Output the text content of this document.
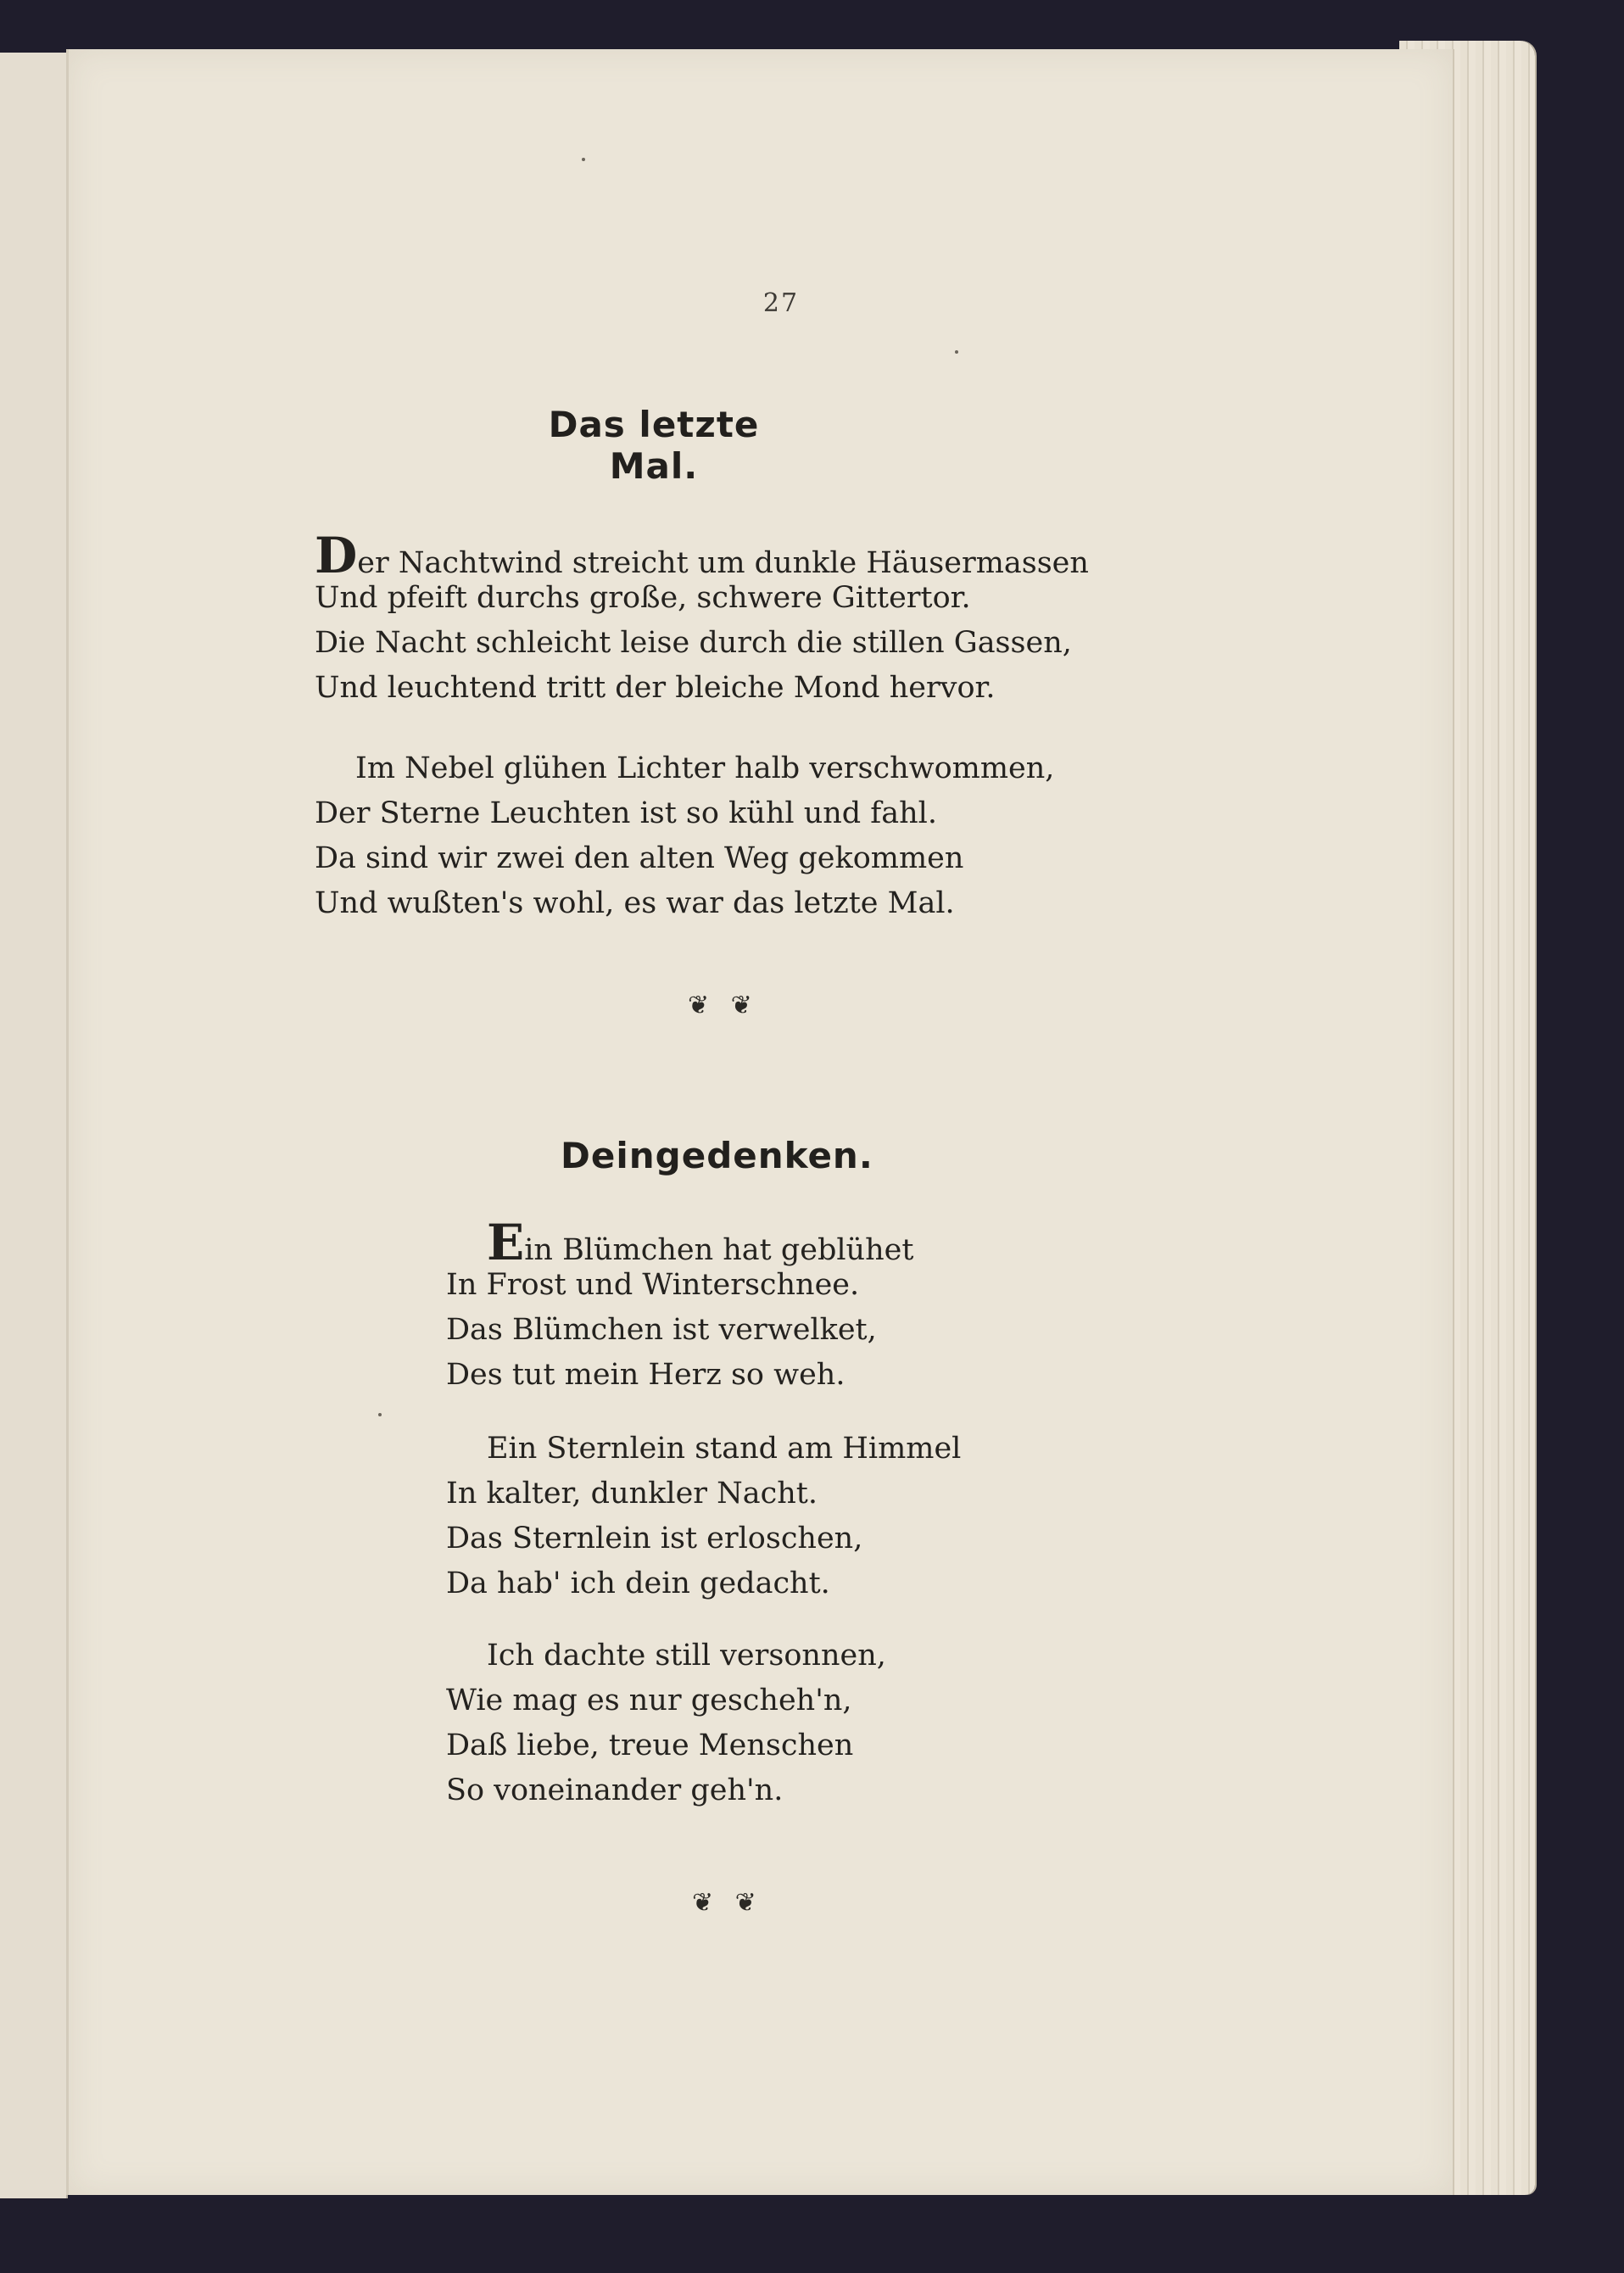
27
Das letzte Mal.
Der Nachtwind streicht um dunkle Häusermassen
Und pfeift durchs große, schwere Gittertor.
Die Nacht schleicht leise durch die stillen Gassen,
Und leuchtend tritt der bleiche Mond hervor.
Im Nebel glühen Lichter halb verschwommen,
Der Sterne Leuchten ist so kühl und fahl.
Da sind wir zwei den alten Weg gekommen
Und wußten's wohl, es war das letzte Mal.
❦ ❦
Deingedenken.
Ein Blümchen hat geblühet
In Frost und Winterschnee.
Das Blümchen ist verwelket,
Des tut mein Herz so weh.
Ein Sternlein stand am Himmel
In kalter, dunkler Nacht.
Das Sternlein ist erloschen,
Da hab' ich dein gedacht.
Ich dachte still versonnen,
Wie mag es nur gescheh'n,
Daß liebe, treue Menschen
So voneinander geh'n.
❦ ❦
